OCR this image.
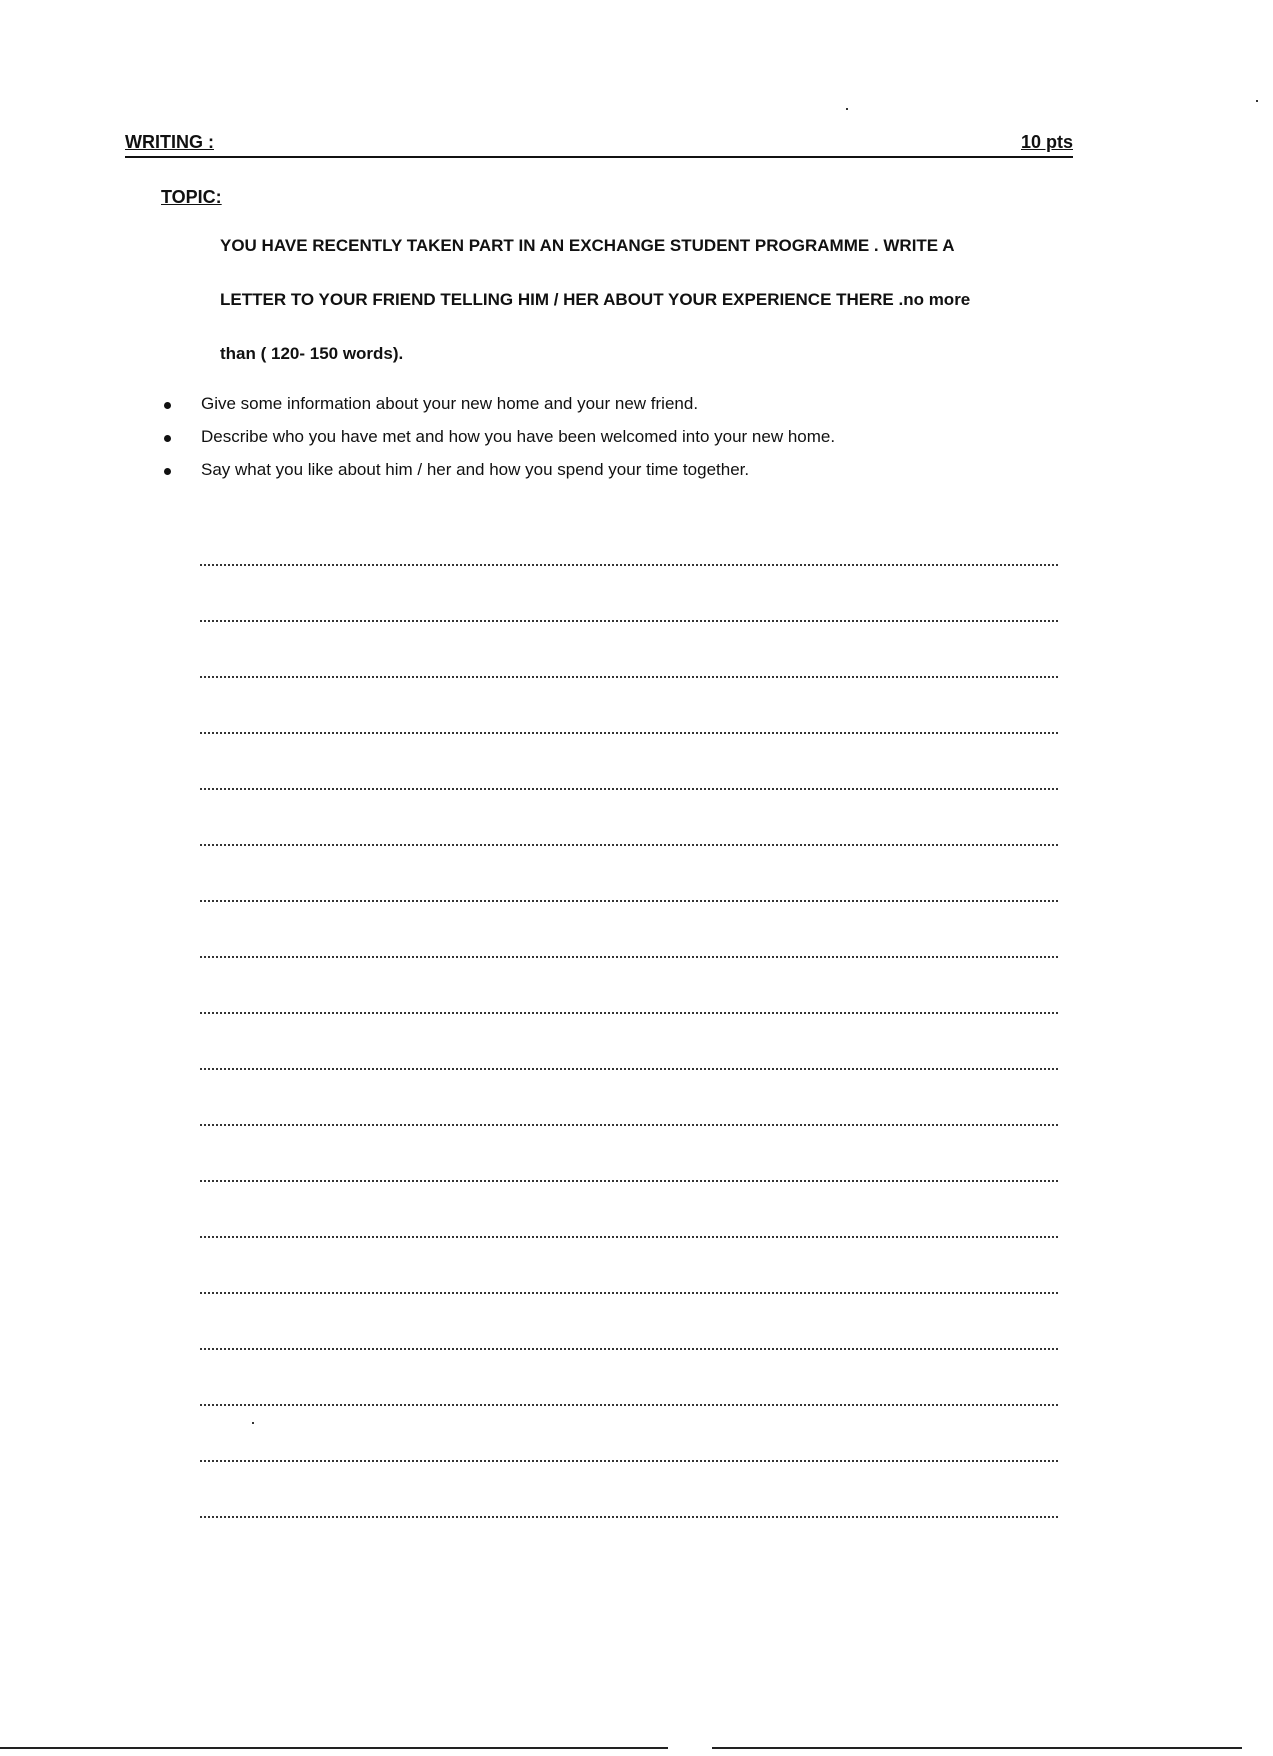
WRITING :	10 pts
TOPIC:
YOU HAVE RECENTLY TAKEN PART IN AN EXCHANGE STUDENT PROGRAMME . WRITE A
LETTER TO YOUR FRIEND TELLING HIM / HER ABOUT YOUR EXPERIENCE THERE .no more
than ( 120- 150 words).
Give some information about your new home and your new friend.
Describe who you have met and how you have been welcomed into your new home.
Say what you like about him / her and how you spend your time together.
